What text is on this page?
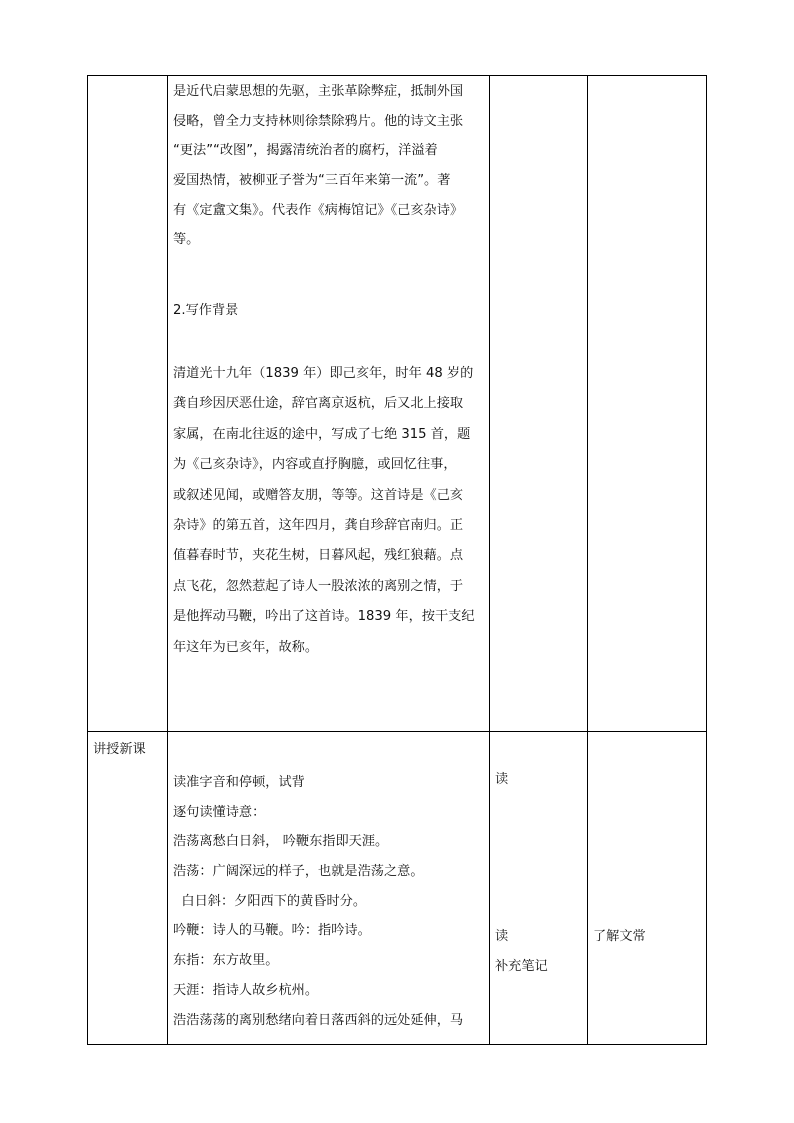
是近代启蒙思想的先驱，主张革除弊症，抵制外国
侵略，曾全力支持林则徐禁除鸦片。他的诗文主张
“更法”“改图”，揭露清统治者的腐朽，洋溢着
爱国热情，被柳亚子誉为“三百年来第一流”。著
有《定盦文集》。代表作《病梅馆记》《己亥杂诗》
等。
2.写作背景
清道光十九年（1839 年）即己亥年，时年 48 岁的
龚自珍因厌恶仕途，辞官离京返杭，后又北上接取
家属，在南北往返的途中，写成了七绝 315 首，题
为《己亥杂诗》，内容或直抒胸臆，或回忆往事，
或叙述见闻，或赠答友朋，等等。这首诗是《己亥
杂诗》的第五首，这年四月，龚自珍辞官南归。正
值暮春时节，夹花生树，日暮风起，残红狼藉。点
点飞花，忽然惹起了诗人一股浓浓的离别之情，于
是他挥动马鞭，吟出了这首诗。1839 年，按干支纪
年这年为已亥年，故称。
讲授新课
读准字音和停顿，试背
逐句读懂诗意：
浩荡离愁白日斜， 吟鞭东指即天涯。
浩荡：广阔深远的样子，也就是浩荡之意。
白日斜：夕阳西下的黄昏时分。
吟鞭：诗人的马鞭。吟：指吟诗。
东指：东方故里。
天涯：指诗人故乡杭州。
浩浩荡荡的离别愁绪向着日落西斜的远处延伸，马
读
读
补充笔记
了解文常
